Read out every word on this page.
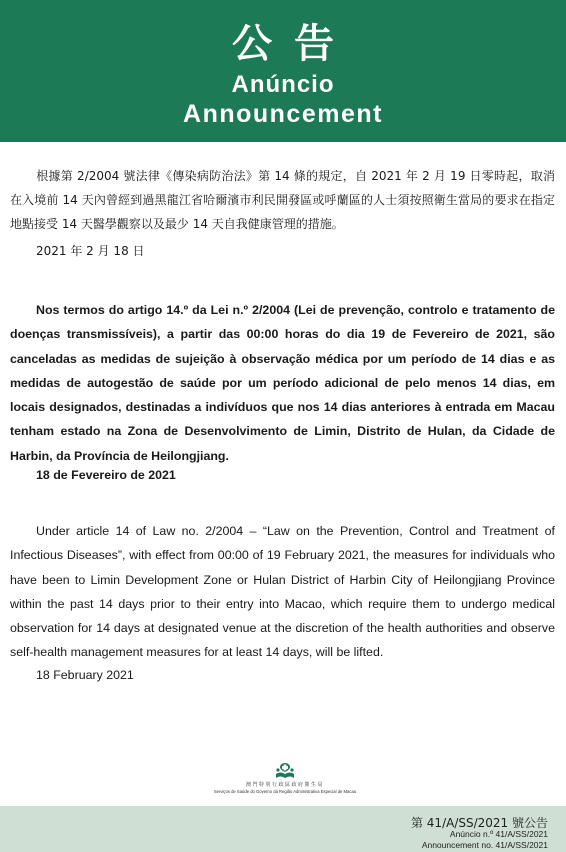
公告
Anúncio
Announcement

根據第 2/2004 號法律《傳染病防治法》第 14 條的規定，自 2021 年 2 月 19 日零時起，取消在入境前 14 天內曾經到過黑龍江省哈爾濱市利民開發區或呼蘭區的人士須按照衛生當局的要求在指定地點接受 14 天醫學觀察以及最少 14 天自我健康管理的措施。

2021 年 2 月 18 日

Nos termos do artigo 14.º da Lei n.º 2/2004 (Lei de prevenção, controlo e tratamento de doenças transmissíveis), a partir das 00:00 horas do dia 19 de Fevereiro de 2021, são canceladas as medidas de sujeição à observação médica por um período de 14 dias e as medidas de autogestão de saúde por um período adicional de pelo menos 14 dias, em locais designados, destinadas a indivíduos que nos 14 dias anteriores à entrada em Macau tenham estado na Zona de Desenvolvimento de Limin, Distrito de Hulan, da Cidade de Harbin, da Província de Heilongjiang.

18 de Fevereiro de 2021

Under article 14 of Law no. 2/2004 – “Law on the Prevention, Control and Treatment of Infectious Diseases”, with effect from 00:00 of 19 February 2021, the measures for individuals who have been to Limin Development Zone or Hulan District of Harbin City of Heilongjiang Province within the past 14 days prior to their entry into Macao, which require them to undergo medical observation for 14 days at designated venue at the discretion of the health authorities and observe self-health management measures for at least 14 days, will be lifted.

18 February 2021

澳門特別行政區政府衛生局
Serviços de Saúde do Governo da Região Administrativa Especial de Macau
第 41/A/SS/2021 號公告
Anúncio n.º 41/A/SS/2021
Announcement no. 41/A/SS/2021
